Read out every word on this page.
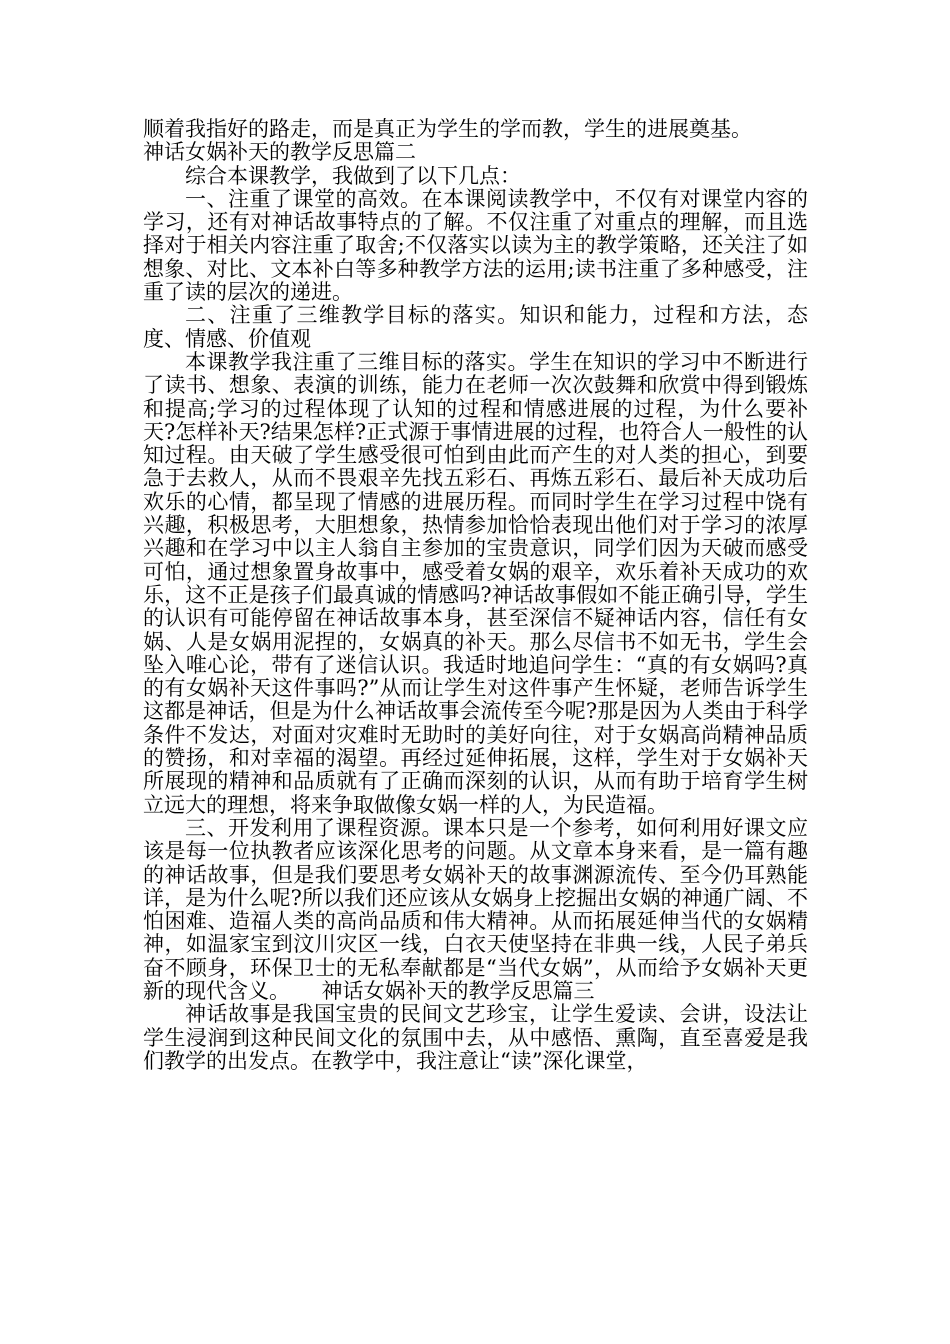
顺着我指好的路走，而是真正为学生的学而教，学生的进展奠基。

神话女娲补天的教学反思篇二

综合本课教学，我做到了以下几点：

一、注重了课堂的高效。在本课阅读教学中，不仅有对课堂内容的学习，还有对神话故事特点的了解。不仅注重了对重点的理解，而且选择对于相关内容注重了取舍;不仅落实以读为主的教学策略，还关注了如想象、对比、文本补白等多种教学方法的运用;读书注重了多种感受，注重了读的层次的递进。

二、注重了三维教学目标的落实。知识和能力，过程和方法，态度、情感、价值观

本课教学我注重了三维目标的落实。学生在知识的学习中不断进行了读书、想象、表演的训练，能力在老师一次次鼓舞和欣赏中得到锻炼和提高;学习的过程体现了认知的过程和情感进展的过程，为什么要补天?怎样补天?结果怎样?正式源于事情进展的过程，也符合人一般性的认知过程。由天破了学生感受很可怕到由此而产生的对人类的担心，到要急于去救人，从而不畏艰辛先找五彩石、再炼五彩石、最后补天成功后欢乐的心情，都呈现了情感的进展历程。而同时学生在学习过程中饶有兴趣，积极思考，大胆想象，热情参加恰恰表现出他们对于学习的浓厚兴趣和在学习中以主人翁自主参加的宝贵意识，同学们因为天破而感受可怕，通过想象置身故事中，感受着女娲的艰辛，欢乐着补天成功的欢乐，这不正是孩子们最真诚的情感吗?神话故事假如不能正确引导，学生的认识有可能停留在神话故事本身，甚至深信不疑神话内容，信任有女娲、人是女娲用泥捏的，女娲真的补天。那么尽信书不如无书，学生会坠入唯心论，带有了迷信认识。我适时地追问学生：“真的有女娲吗?真的有女娲补天这件事吗?”从而让学生对这件事产生怀疑，老师告诉学生这都是神话，但是为什么神话故事会流传至今呢?那是因为人类由于科学条件不发达，对面对灾难时无助时的美好向往，对于女娲高尚精神品质的赞扬，和对幸福的渴望。再经过延伸拓展，这样，学生对于女娲补天所展现的精神和品质就有了正确而深刻的认识，从而有助于培育学生树立远大的理想，将来争取做像女娲一样的人，为民造福。

三、开发利用了课程资源。课本只是一个参考，如何利用好课文应该是每一位执教者应该深化思考的问题。从文章本身来看，是一篇有趣的神话故事，但是我们要思考女娲补天的故事渊源流传、至今仍耳熟能详，是为什么呢?所以我们还应该从女娲身上挖掘出女娲的神通广阔、不怕困难、造福人类的高尚品质和伟大精神。从而拓展延伸当代的女娲精神，如温家宝到汶川灾区一线，白衣天使坚持在非典一线，人民子弟兵奋不顾身，环保卫士的无私奉献都是“当代女娲”，从而给予女娲补天更新的现代含义。　　神话女娲补天的教学反思篇三

神话故事是我国宝贵的民间文艺珍宝，让学生爱读、会讲，设法让学生浸润到这种民间文化的氛围中去，从中感悟、熏陶，直至喜爱是我们教学的出发点。在教学中，我注意让“读”深化课堂，
